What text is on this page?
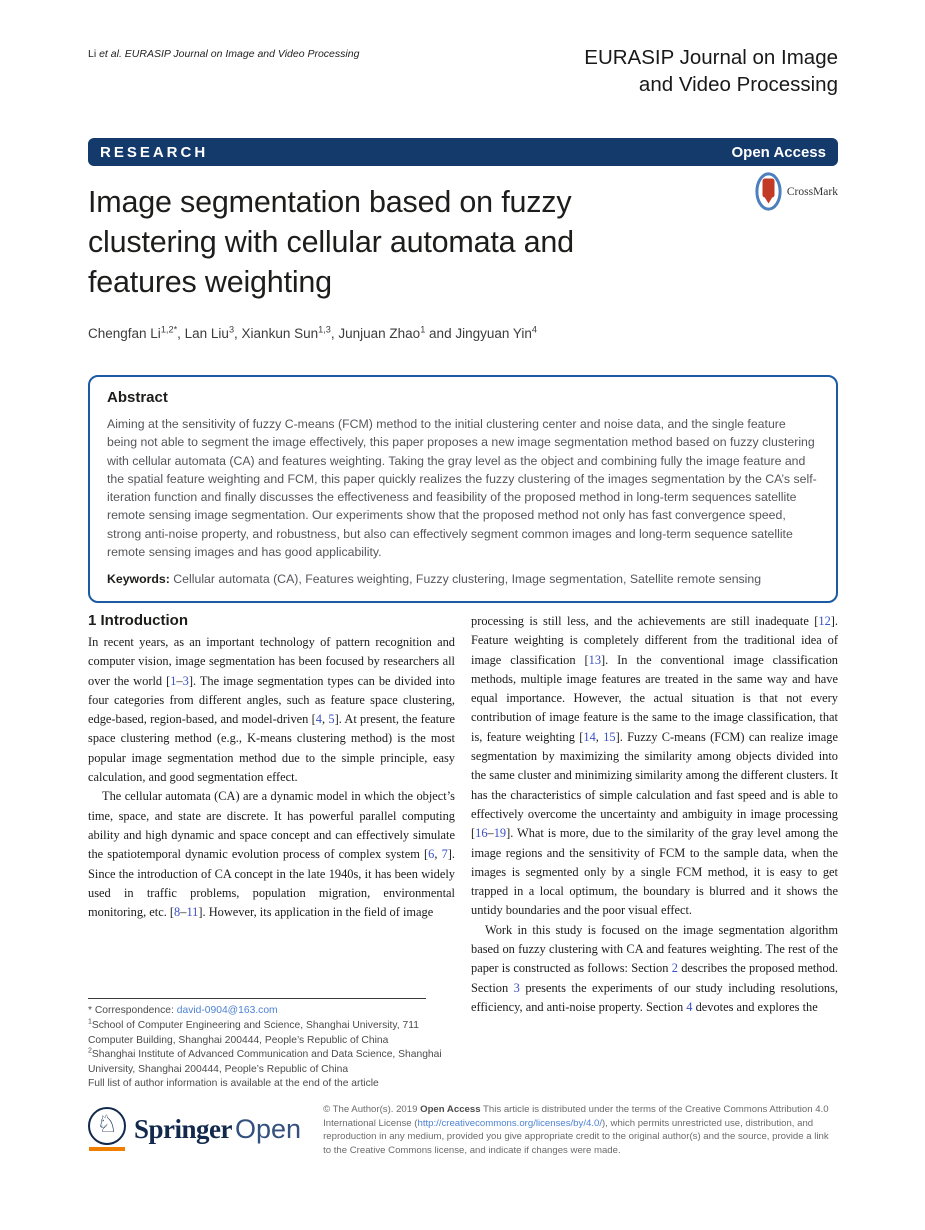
Li et al. EURASIP Journal on Image and Video Processing	EURASIP Journal on Image
and Video Processing
RESEARCH	Open Access
CrossMark
Image segmentation based on fuzzy
clustering with cellular automata and
features weighting
Chengfan $Li^{1,2*}$, Lan Liu$^3$, Xiankun Sun$^{1,3}$, Junjuan Zhao$^1$ and Jingyuan Yin$^4$
Abstract

Aiming at the sensitivity of fuzzy C-means (FCM) method to the initial clustering center and noise data, and the single feature being not able to segment the image effectively, this paper proposes a new image segmentation method based on fuzzy clustering with cellular automata (CA) and features weighting. Taking the gray level as the object and combining fully the image feature and the spatial feature weighting and FCM, this paper quickly realizes the fuzzy clustering of the images segmentation by the CA’s self-iteration function and finally discusses the effectiveness and feasibility of the proposed method in long-term sequences satellite remote sensing image segmentation. Our experiments show that the proposed method not only has fast convergence speed, strong anti-noise property, and robustness, but also can effectively segment common images and long-term sequence satellite remote sensing images and has good applicability.

Keywords: Cellular automata (CA), Features weighting, Fuzzy clustering, Image segmentation, Satellite remote sensing

1 Introduction

In recent years, as an important technology of pattern recognition and computer vision, image segmentation has been focused by researchers all over the world [1–3]. The image segmentation types can be divided into four categories from different angles, such as feature space clustering, edge-based, region-based, and model-driven [4, 5]. At present, the feature space clustering method (e.g., K-means clustering method) is the most popular image segmentation method due to the simple principle, easy calculation, and good segmentation effect.

The cellular automata (CA) are a dynamic model in which the object’s time, space, and state are discrete. It has powerful parallel computing ability and high dynamic and space concept and can effectively simulate the spatiotemporal dynamic evolution process of complex system [6, 7]. Since the introduction of CA concept in the late 1940s, it has been widely used in traffic problems, population migration, environmental monitoring, etc. [8–11]. However, its application in the field of image

* Correspondence: david-0904@163.com

$^1$School of Computer Engineering and Science, Shanghai University, 711 Computer Building, Shanghai 200444, People’s Republic of China

$^2$Shanghai Institute of Advanced Communication and Data Science, Shanghai University, Shanghai 200444, People’s Republic of China

Full list of author information is available at the end of the article

processing is still less, and the achievements are still inadequate [12]. Feature weighting is completely different from the traditional idea of image classification [13]. In the conventional image classification methods, multiple image features are treated in the same way and have equal importance. However, the actual situation is that not every contribution of image feature is the same to the image classification, that is, feature weighting [14, 15]. Fuzzy C-means (FCM) can realize image segmentation by maximizing the similarity among objects divided into the same cluster and minimizing similarity among the different clusters. It has the characteristics of simple calculation and fast speed and is able to effectively overcome the uncertainty and ambiguity in image processing [16–19]. What is more, due to the similarity of the gray level among the image regions and the sensitivity of FCM to the sample data, when the images is segmented only by a single FCM method, it is easy to get trapped in a local optimum, the boundary is blurred and it shows the untidy boundaries and the poor visual effect.

Work in this study is focused on the image segmentation algorithm based on fuzzy clustering with CA and features weighting. The rest of the paper is constructed as follows: Section 2 describes the proposed method. Section 3 presents the experiments of our study including resolutions, efficiency, and anti-noise property. Section 4 devotes and explores the

♘ Springer Open

© The Author(s). 2019 Open Access This article is distributed under the terms of the Creative Commons Attribution 4.0 International License (http://creativecommons.org/licenses/by/4.0/), which permits unrestricted use, distribution, and reproduction in any medium, provided you give appropriate credit to the original author(s) and the source, provide a link to the Creative Commons license, and indicate if changes were made.
